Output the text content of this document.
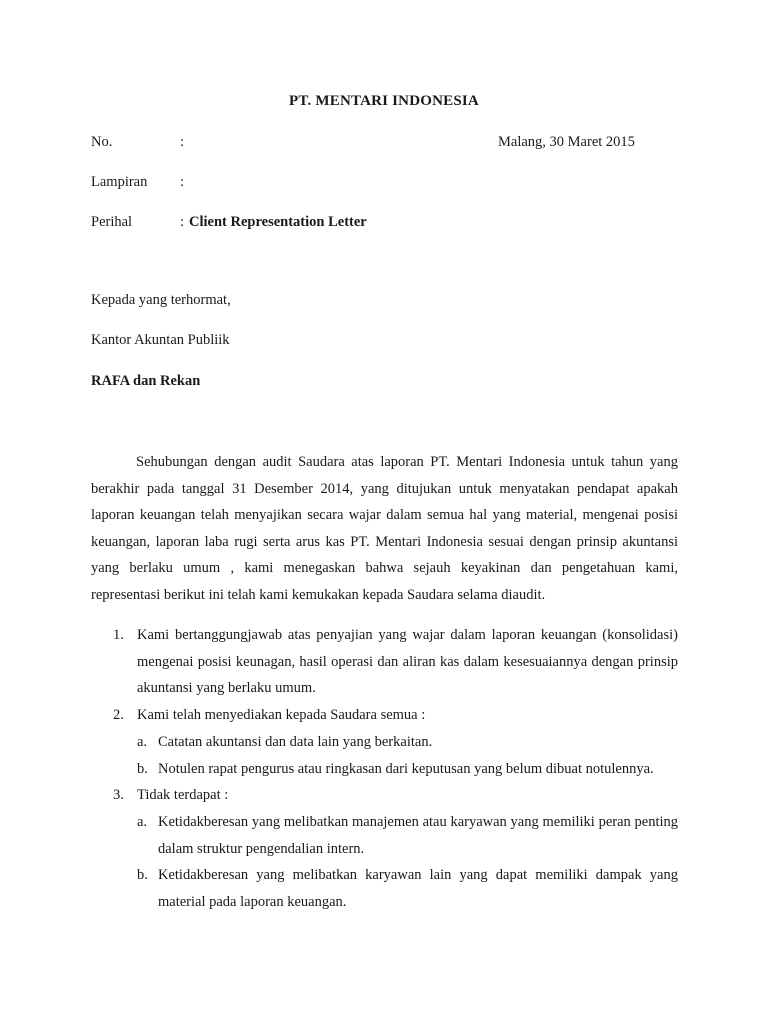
PT. MENTARI INDONESIA
No.	:	Malang, 30 Maret 2015
Lampiran :
Perihal	: Client Representation Letter
Kepada yang terhormat,
Kantor Akuntan Publiik
RAFA dan Rekan
Sehubungan dengan audit Saudara atas laporan PT. Mentari Indonesia untuk tahun yang berakhir pada tanggal 31 Desember 2014, yang ditujukan untuk menyatakan pendapat apakah laporan keuangan telah menyajikan secara wajar dalam semua hal yang material, mengenai posisi keuangan, laporan laba rugi serta arus kas PT. Mentari Indonesia sesuai dengan prinsip akuntansi yang berlaku umum , kami menegaskan bahwa sejauh keyakinan dan pengetahuan kami, representasi berikut ini telah kami kemukakan kepada Saudara selama diaudit.
1. Kami bertanggungjawab atas penyajian yang wajar dalam laporan keuangan (konsolidasi) mengenai posisi keunagan, hasil operasi dan aliran kas dalam kesesuaiannya dengan prinsip akuntansi yang berlaku umum.
2. Kami telah menyediakan kepada Saudara semua :
a. Catatan akuntansi dan data lain yang berkaitan.
b. Notulen rapat pengurus atau ringkasan dari keputusan yang belum dibuat notulennya.
3. Tidak terdapat :
a. Ketidakberesan yang melibatkan manajemen atau karyawan yang memiliki peran penting dalam struktur pengendalian intern.
b. Ketidakberesan yang melibatkan karyawan lain yang dapat memiliki dampak yang material pada laporan keuangan.
